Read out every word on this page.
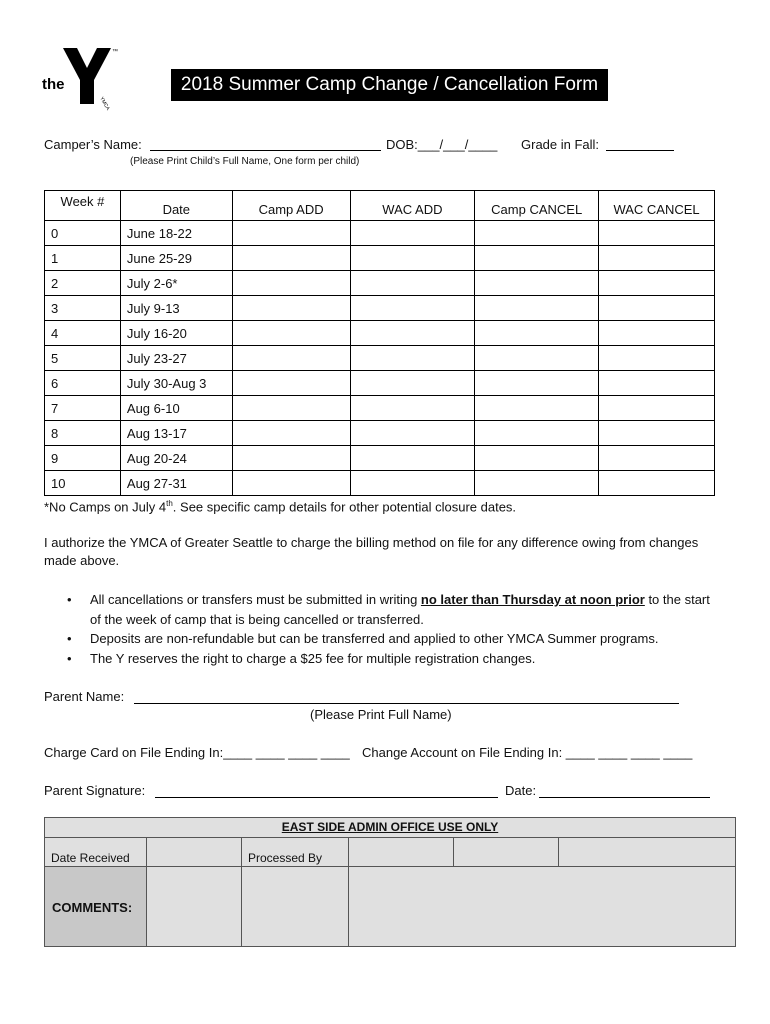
the
™
YMCA
2018 Summer Camp Change / Cancellation Form
Camper’s Name:	DOB:___/___/____ Grade in Fall:
(Please Print Child’s Full Name, One form per child)
Week #	Date	Camp ADD	WAC ADD	Camp CANCEL	WAC CANCEL
0	June 18-22				
1	June 25-29				
2	July 2-6*				
3	July 9-13				
4	July 16-20				
5	July 23-27				
6	July 30-Aug 3				
7	Aug 6-10				
8	Aug 13-17				
9	Aug 20-24				
10	Aug 27-31				
*No Camps on July 4th. See specific camp details for other potential closure dates.
I authorize the YMCA of Greater Seattle to charge the billing method on file for any difference owing from changes made above.
• All cancellations or transfers must be submitted in writing no later than Thursday at noon prior to the start of the week of camp that is being cancelled or transferred.
• Deposits are non-refundable but can be transferred and applied to other YMCA Summer programs.
• The Y reserves the right to charge a $25 fee for multiple registration changes.
Parent Name:
(Please Print Full Name)
Charge Card on File Ending In:____ ____ ____ ____ Change Account on File Ending In: ____ ____ ____ ____
Parent Signature:	Date:
EAST SIDE ADMIN OFFICE USE ONLY
Date Received	Processed By
COMMENTS:
